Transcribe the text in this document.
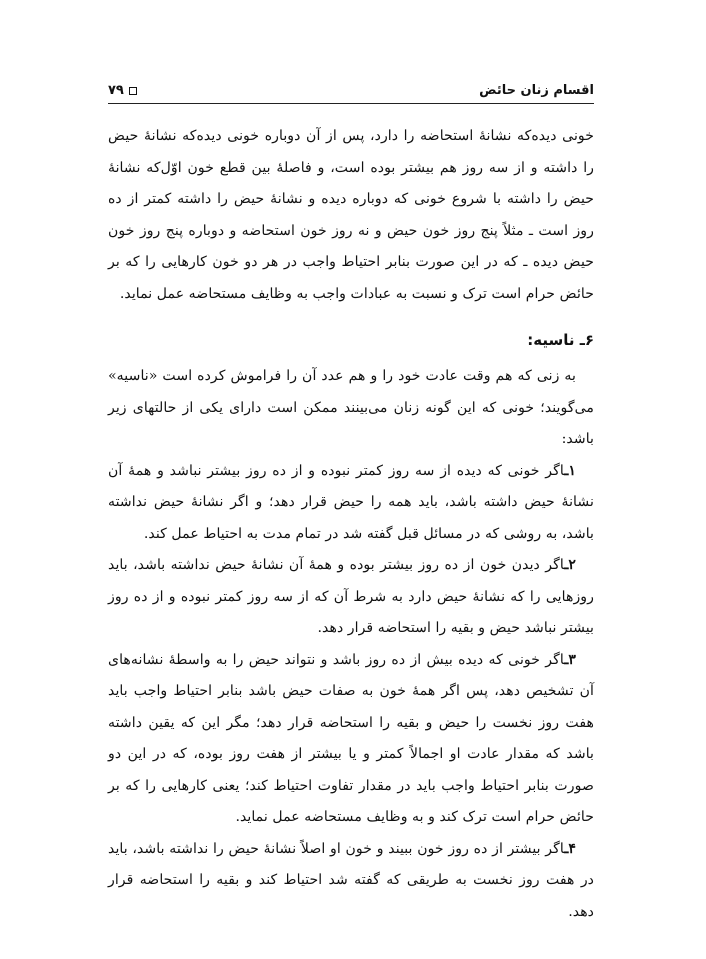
اقسام زنان حائض
۷۹

خونی دیده‌که نشانهٔ استحاضه را دارد، پس از آن دوباره خونی دیده‌که نشانهٔ حیض را داشته و از سه روز هم بیشتر بوده است، و فاصلهٔ بین قطع خون اوّل‌که نشانهٔ حیض را داشته با شروع خونی که دوباره دیده و نشانهٔ حیض را داشته کمتر از ده روز است ـ مثلاً پنج روز خون حیض و نه روز خون استحاضه و دوباره پنج روز خون حیض دیده ـ که در این صورت بنابر احتیاط واجب در هر دو خون کارهایی را که بر حائض حرام است ترک و نسبت به عبادات واجب به وظایف مستحاضه عمل نماید.

۶ـ ناسیه:

به زنی که هم وقت عادت خود را و هم عدد آن را فراموش کرده است «ناسیه» می‌گویند؛ خونی که این گونه زنان می‌بینند ممکن است دارای یکی از حالتهای زیر باشد:

۱ـاگر خونی که دیده از سه روز کمتر نبوده و از ده روز بیشتر نباشد و همهٔ آن نشانهٔ حیض داشته باشد، باید همه را حیض قرار دهد؛ و اگر نشانهٔ حیض نداشته باشد، به روشی که در مسائل قبل گفته شد در تمام مدت به احتیاط عمل کند.

۲ـاگر دیدن خون از ده روز بیشتر بوده و همهٔ آن نشانهٔ حیض نداشته باشد، باید روزهایی را که نشانهٔ حیض دارد به شرط آن که از سه روز کمتر نبوده و از ده روز بیشتر نباشد حیض و بقیه را استحاضه قرار دهد.

۳ـاگر خونی که دیده بیش از ده روز باشد و نتواند حیض را به واسطهٔ نشانه‌های آن تشخیص دهد، پس اگر همهٔ خون به صفات حیض باشد بنابر احتیاط واجب باید هفت روز نخست را حیض و بقیه را استحاضه قرار دهد؛ مگر این که یقین داشته باشد که مقدار عادت او اجمالاً کمتر و یا بیشتر از هفت روز بوده، که در این دو صورت بنابر احتیاط واجب باید در مقدار تفاوت احتیاط کند؛ یعنی کارهایی را که بر حائض حرام است ترک کند و به وظایف مستحاضه عمل نماید.

۴ـاگر بیشتر از ده روز خون ببیند و خون او اصلاً نشانهٔ حیض را نداشته باشد، باید در هفت روز نخست به طریقی که گفته شد احتیاط کند و بقیه را استحاضه قرار دهد.
